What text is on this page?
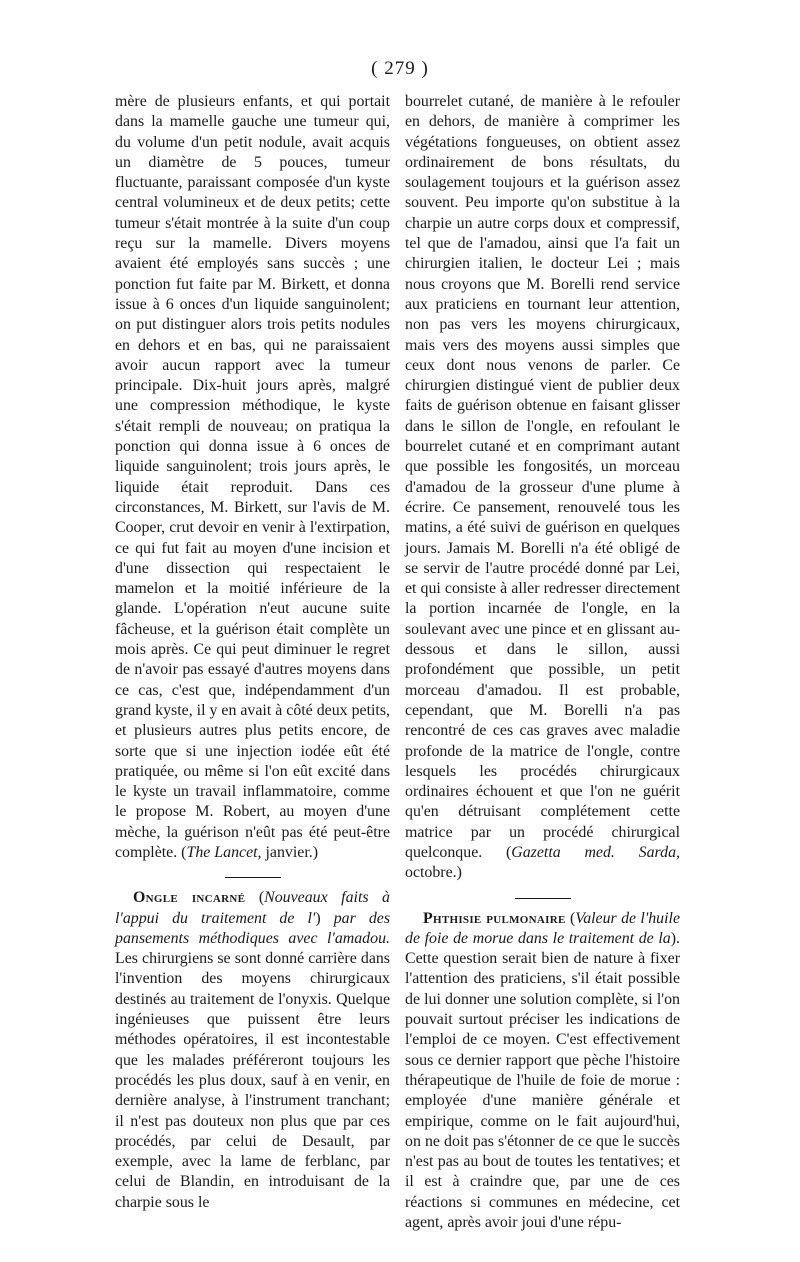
( 279 )

mère de plusieurs enfants, et qui portait dans la mamelle gauche une tumeur qui, du volume d'un petit nodule, avait acquis un diamètre de 5 pouces, tumeur fluctuante, paraissant composée d'un kyste central volumineux et de deux petits; cette tumeur s'était montrée à la suite d'un coup reçu sur la mamelle. Divers moyens avaient été employés sans succès ; une ponction fut faite par M. Birkett, et donna issue à 6 onces d'un liquide sanguinolent; on put distinguer alors trois petits nodules en dehors et en bas, qui ne paraissaient avoir aucun rapport avec la tumeur principale. Dix-huit jours après, malgré une compression méthodique, le kyste s'était rempli de nouveau; on pratiqua la ponction qui donna issue à 6 onces de liquide sanguinolent; trois jours après, le liquide était reproduit. Dans ces circonstances, M. Birkett, sur l'avis de M. Cooper, crut devoir en venir à l'extirpation, ce qui fut fait au moyen d'une incision et d'une dissection qui respectaient le mamelon et la moitié inférieure de la glande. L'opération n'eut aucune suite fâcheuse, et la guérison était complète un mois après. Ce qui peut diminuer le regret de n'avoir pas essayé d'autres moyens dans ce cas, c'est que, indépendamment d'un grand kyste, il y en avait à côté deux petits, et plusieurs autres plus petits encore, de sorte que si une injection iodée eût été pratiquée, ou même si l'on eût excité dans le kyste un travail inflammatoire, comme le propose M. Robert, au moyen d'une mèche, la guérison n'eût pas été peut-être complète. (The Lancet, janvier.)

Ongle incarné (Nouveaux faits à l'appui du traitement de l') par des pansements méthodiques avec l'amadou. Les chirurgiens se sont donné carrière dans l'invention des moyens chirurgicaux destinés au traitement de l'onyxis. Quelque ingénieuses que puissent être leurs méthodes opératoires, il est incontestable que les malades préféreront toujours les procédés les plus doux, sauf à en venir, en dernière analyse, à l'instrument tranchant; il n'est pas douteux non plus que par ces procédés, par celui de Desault, par exemple, avec la lame de ferblanc, par celui de Blandin, en introduisant de la charpie sous le

bourrelet cutané, de manière à le refouler en dehors, de manière à comprimer les végétations fongueuses, on obtient assez ordinairement de bons résultats, du soulagement toujours et la guérison assez souvent. Peu importe qu'on substitue à la charpie un autre corps doux et compressif, tel que de l'amadou, ainsi que l'a fait un chirurgien italien, le docteur Lei ; mais nous croyons que M. Borelli rend service aux praticiens en tournant leur attention, non pas vers les moyens chirurgicaux, mais vers des moyens aussi simples que ceux dont nous venons de parler. Ce chirurgien distingué vient de publier deux faits de guérison obtenue en faisant glisser dans le sillon de l'ongle, en refoulant le bourrelet cutané et en comprimant autant que possible les fongosités, un morceau d'amadou de la grosseur d'une plume à écrire. Ce pansement, renouvelé tous les matins, a été suivi de guérison en quelques jours. Jamais M. Borelli n'a été obligé de se servir de l'autre procédé donné par Lei, et qui consiste à aller redresser directement la portion incarnée de l'ongle, en la soulevant avec une pince et en glissant au-dessous et dans le sillon, aussi profondément que possible, un petit morceau d'amadou. Il est probable, cependant, que M. Borelli n'a pas rencontré de ces cas graves avec maladie profonde de la matrice de l'ongle, contre lesquels les procédés chirurgicaux ordinaires échouent et que l'on ne guérit qu'en détruisant complétement cette matrice par un procédé chirurgical quelconque. (Gazetta med. Sarda, octobre.)

Phthisie pulmonaire (Valeur de l'huile de foie de morue dans le traitement de la). Cette question serait bien de nature à fixer l'attention des praticiens, s'il était possible de lui donner une solution complète, si l'on pouvait surtout préciser les indications de l'emploi de ce moyen. C'est effectivement sous ce dernier rapport que pèche l'histoire thérapeutique de l'huile de foie de morue : employée d'une manière générale et empirique, comme on le fait aujourd'hui, on ne doit pas s'étonner de ce que le succès n'est pas au bout de toutes les tentatives; et il est à craindre que, par une de ces réactions si communes en médecine, cet agent, après avoir joui d'une répu-
